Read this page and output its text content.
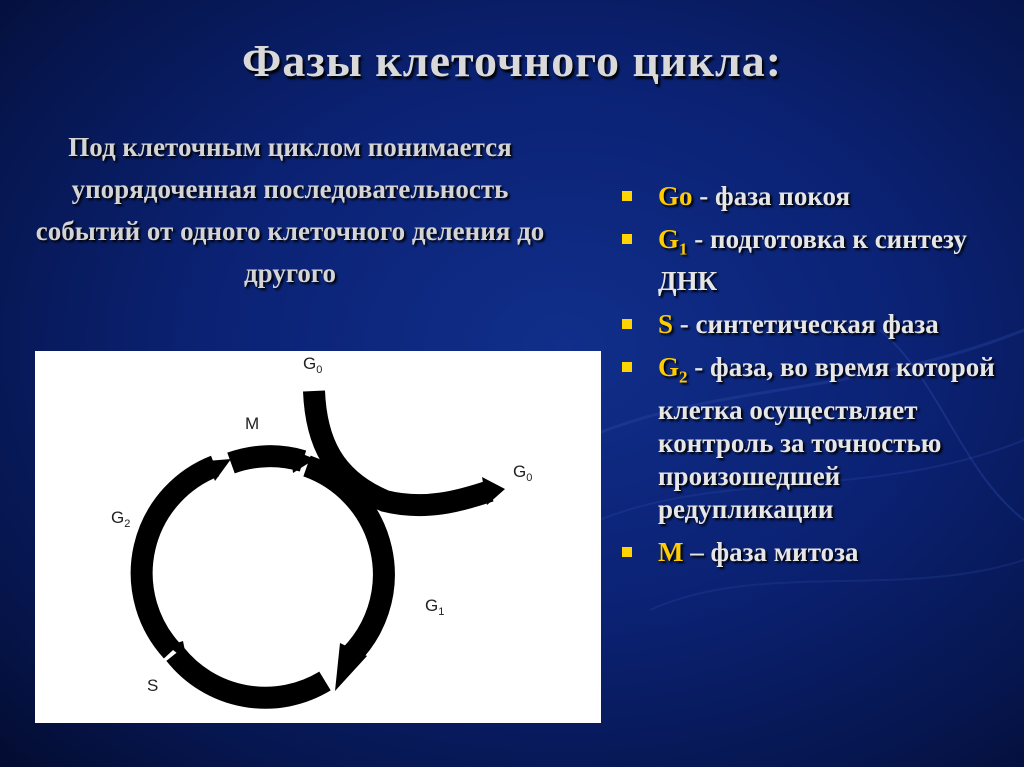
Фазы клеточного цикла:
Под клеточным циклом понимается упорядоченная последовательность событий от одного клеточного деления до другого
$G_0$
M
$G_0$
$G_2$
$G_1$
S
Go - фаза покоя
$G_1$ - подготовка к синтезу ДНК
S - синтетическая фаза
$G_2$ - фаза, во время которой клетка осуществляет контроль за точностью произошедшей редупликации
M – фаза митоза
